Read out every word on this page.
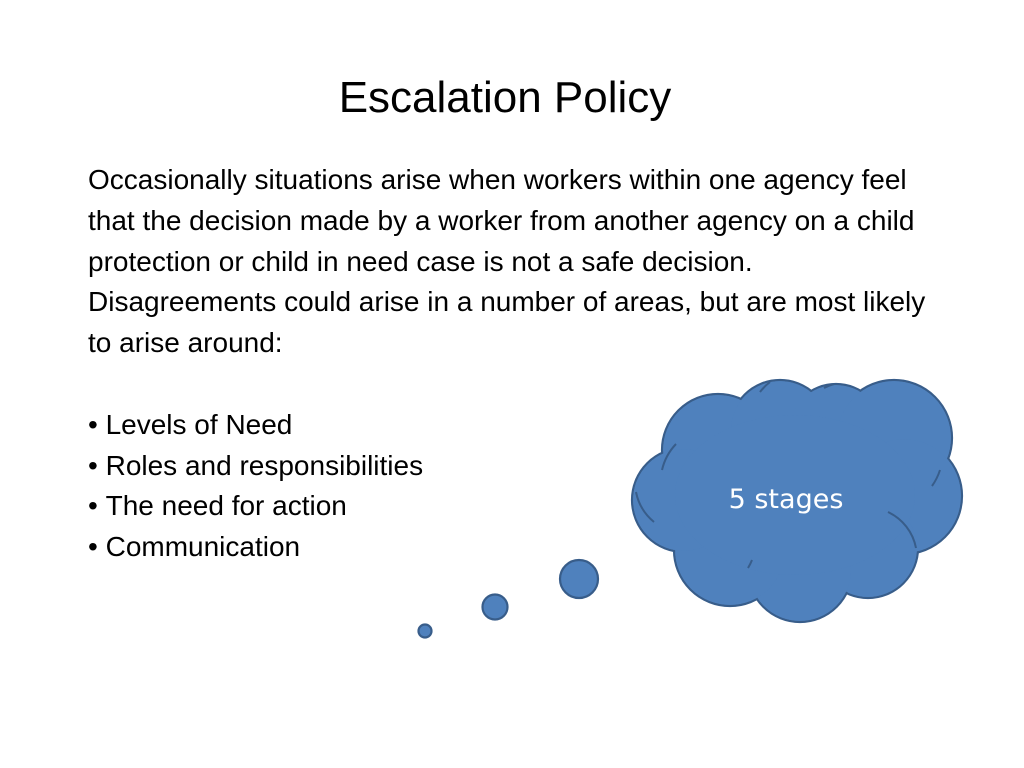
Escalation Policy

Occasionally situations arise when workers within one agency feel that the decision made by a worker from another agency on a child protection or child in need case is not a safe decision. Disagreements could arise in a number of areas, but are most likely to arise around:

• Levels of Need
• Roles and responsibilities
• The need for action
• Communication
5 stages
